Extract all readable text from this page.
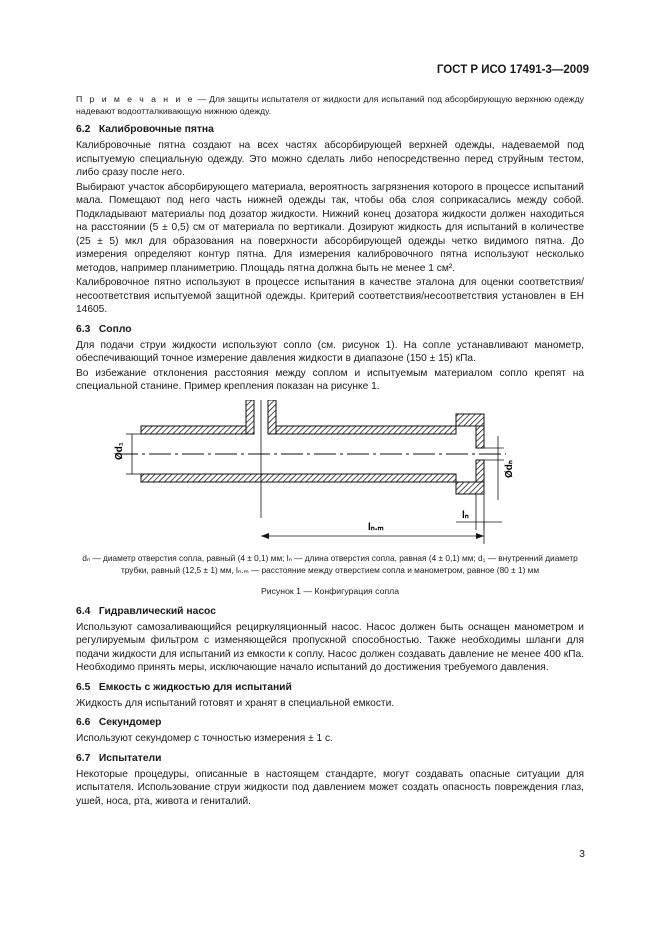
ГОСТ Р ИСО 17491-3—2009

П р и м е ч а н и е — Для защиты испытателя от жидкости для испытаний под абсорбирующую верхнюю одежду надевают водоотталкивающую нижнюю одежду.

6.2 Калибровочные пятна

Калибровочные пятна создают на всех частях абсорбирующей верхней одежды, надеваемой под испытуемую специальную одежду. Это можно сделать либо непосредственно перед струйным тестом, либо сразу после него.

Выбирают участок абсорбирующего материала, вероятность загрязнения которого в процессе испытаний мала. Помещают под него часть нижней одежды так, чтобы оба слоя соприкасались между собой. Подкладывают материалы под дозатор жидкости. Нижний конец дозатора жидкости должен находиться на расстоянии (5 ± 0,5) см от материала по вертикали. Дозируют жидкость для испытаний в количестве (25 ± 5) мкл для образования на поверхности абсорбирующей одежды четко видимого пятна. До измерения определяют контур пятна. Для измерения калибровочного пятна используют несколько методов, например планиметрию. Площадь пятна должна быть не менее 1 см².

Калибровочное пятно используют в процессе испытания в качестве эталона для оценки соответствия/несоответствия испытуемой защитной одежды. Критерий соответствия/несоответствия установлен в ЕН 14605.

6.3 Сопло

Для подачи струи жидкости используют сопло (см. рисунок 1). На сопле устанавливают манометр, обеспечивающий точное измерение давления жидкости в диапазоне (150 ± 15) кПа.

Во избежание отклонения расстояния между соплом и испытуемым материалом сопло крепят на специальной станине. Пример крепления показан на рисунке 1.

Ød₁
Ødₙ
lₙ
lₙ.ₘ

dₙ — диаметр отверстия сопла, равный (4 ± 0,1) мм; lₙ — длина отверстия сопла, равная (4 ± 0,1) мм; d₁ — внутренний диаметр трубки, равный (12,5 ± 1) мм, lₙ.ₘ — расстояние между отверстием сопла и манометром, равное (80 ± 1) мм

Рисунок 1 — Конфигурация сопла

6.4 Гидравлический насос

Используют самозаливающийся рециркуляционный насос. Насос должен быть оснащен манометром и регулируемым фильтром с изменяющейся пропускной способностью. Также необходимы шланги для подачи жидкости для испытаний из емкости к соплу. Насос должен создавать давление не менее 400 кПа. Необходимо принять меры, исключающие начало испытаний до достижения требуемого давления.

6.5 Емкость с жидкостью для испытаний

Жидкость для испытаний готовят и хранят в специальной емкости.

6.6 Секундомер

Используют секундомер с точностью измерения ± 1 с.

6.7 Испытатели

Некоторые процедуры, описанные в настоящем стандарте, могут создавать опасные ситуации для испытателя. Использование струи жидкости под давлением может создать опасность повреждения глаз, ушей, носа, рта, живота и гениталий.

3
